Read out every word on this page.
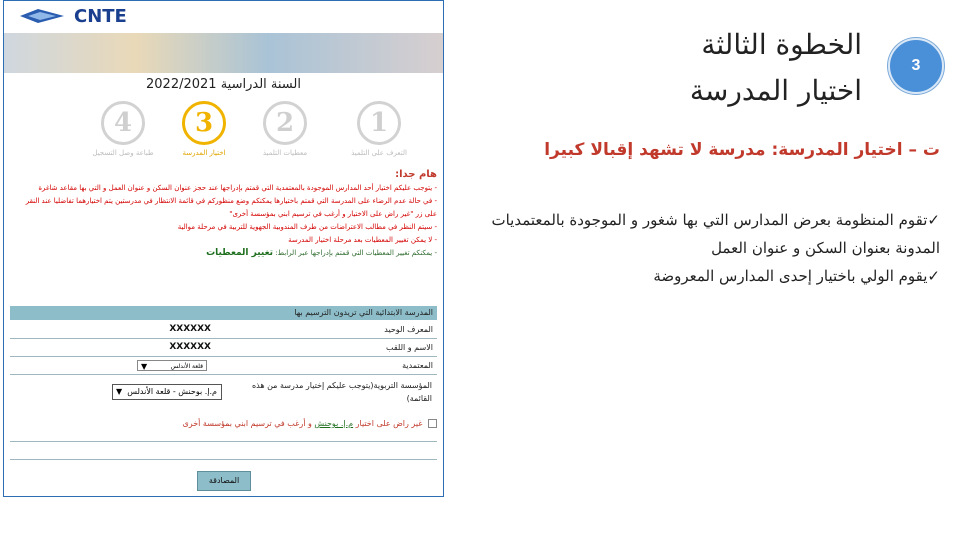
CNTE
السنة الدراسية 2022/2021
1
التعرف على التلميذ
2
معطيات التلميذ
3
اختيار المدرسة
4
طباعة وصل التسجيل
هام جدا:
- يتوجب عليكم اختيار أحد المدارس الموجودة بالمعتمدية التي قمتم بإدراجها عند حجز عنوان السكن و عنوان العمل و التي بها مقاعد شاغرة
- في حالة عدم الرضاء على المدرسة التي قمتم باختيارها يمكنكم وضع منظوركم في قائمة الانتظار في مدرستين يتم اختيارهما تفاضليا عند النقر
على زر "غير راض على الاختيار و أرغب في ترسيم ابني بمؤسسة أخرى"
- سيتم النظر في مطالب الاعتراضات من طرف المندوبية الجهوية للتربية في مرحلة موالية
- لا يمكن تغيير المعطيات بعد مرحلة اختيار المدرسة
- يمكنكم تغيير المعطيات التي قمتم بإدراجها عبر الرابط: تغيير المعطيات
المدرسة الابتدائية التي تريدون الترسيم بها
المعرف الوحيد
XXXXXX
الاسم و اللقب
XXXXXX
المعتمدية
قلعة الأندلس
▼
المؤسسة التربوية(يتوجب عليكم إختيار مدرسة من هذه القائمة)
م.إ. بوحنش - قلعة الأندلس
▼
غير راض على اختيار م.إ. بوحنش و أرغب في ترسيم ابني بمؤسسة أخرى
المصادقة
3
الخطوة الثالثة
اختيار المدرسة
ت – اختيار المدرسة: مدرسة لا تشهد إقبالا كبيرا
✓تقوم المنظومة بعرض المدارس التي بها شغور و الموجودة بالمعتمديات
المدونة بعنوان السكن و عنوان العمل
✓يقوم الولي باختيار إحدى المدارس المعروضة
